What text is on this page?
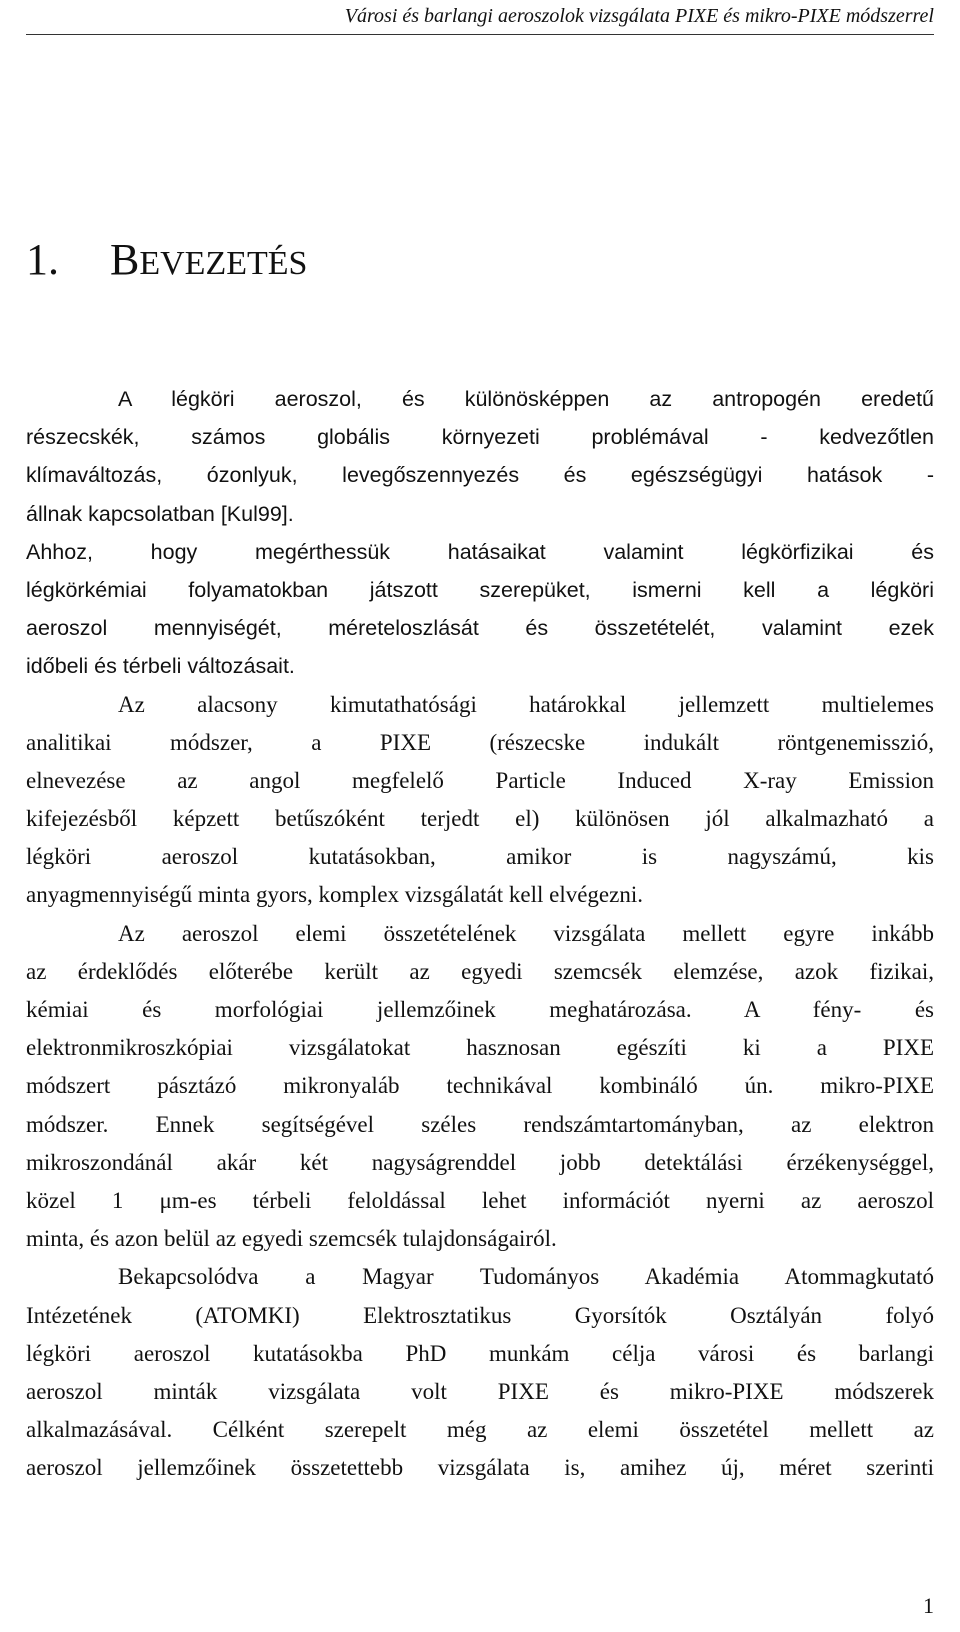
Városi és barlangi aeroszolok vizsgálata PIXE és mikro-PIXE módszerrel
1. BEVEZETÉS
A légköri aeroszol, és különösképpen az antropogén eredetű
részecskék, számos globális környezeti problémával - kedvezőtlen
klímaváltozás, ózonlyuk, levegőszennyezés és egészségügyi hatások -
állnak kapcsolatban [Kul99].
Ahhoz, hogy megérthessük hatásaikat valamint légkörfizikai és
légkörkémiai folyamatokban játszott szerepüket, ismerni kell a légköri
aeroszol mennyiségét, méreteloszlását és összetételét, valamint ezek
időbeli és térbeli változásait.
Az alacsony kimutathatósági határokkal jellemzett multielemes
analitikai módszer, a PIXE (részecske indukált röntgenemisszió,
elnevezése az angol megfelelő Particle Induced X-ray Emission
kifejezésből képzett betűszóként terjedt el) különösen jól alkalmazható a
légköri aeroszol kutatásokban, amikor is nagyszámú, kis
anyagmennyiségű minta gyors, komplex vizsgálatát kell elvégezni.
Az aeroszol elemi összetételének vizsgálata mellett egyre inkább
az érdeklődés előterébe került az egyedi szemcsék elemzése, azok fizikai,
kémiai és morfológiai jellemzőinek meghatározása. A fény- és
elektronmikroszkópiai vizsgálatokat hasznosan egészíti ki a PIXE
módszert pásztázó mikronyaláb technikával kombináló ún. mikro-PIXE
módszer. Ennek segítségével széles rendszámtartományban, az elektron
mikroszondánál akár két nagyságrenddel jobb detektálási érzékenységgel,
közel 1 μm-es térbeli feloldással lehet információt nyerni az aeroszol
minta, és azon belül az egyedi szemcsék tulajdonságairól.
Bekapcsolódva a Magyar Tudományos Akadémia Atommagkutató
Intézetének (ATOMKI) Elektrosztatikus Gyorsítók Osztályán folyó
légköri aeroszol kutatásokba PhD munkám célja városi és barlangi
aeroszol minták vizsgálata volt PIXE és mikro-PIXE módszerek
alkalmazásával. Célként szerepelt még az elemi összetétel mellett az
aeroszol jellemzőinek összetettebb vizsgálata is, amihez új, méret szerinti
1
